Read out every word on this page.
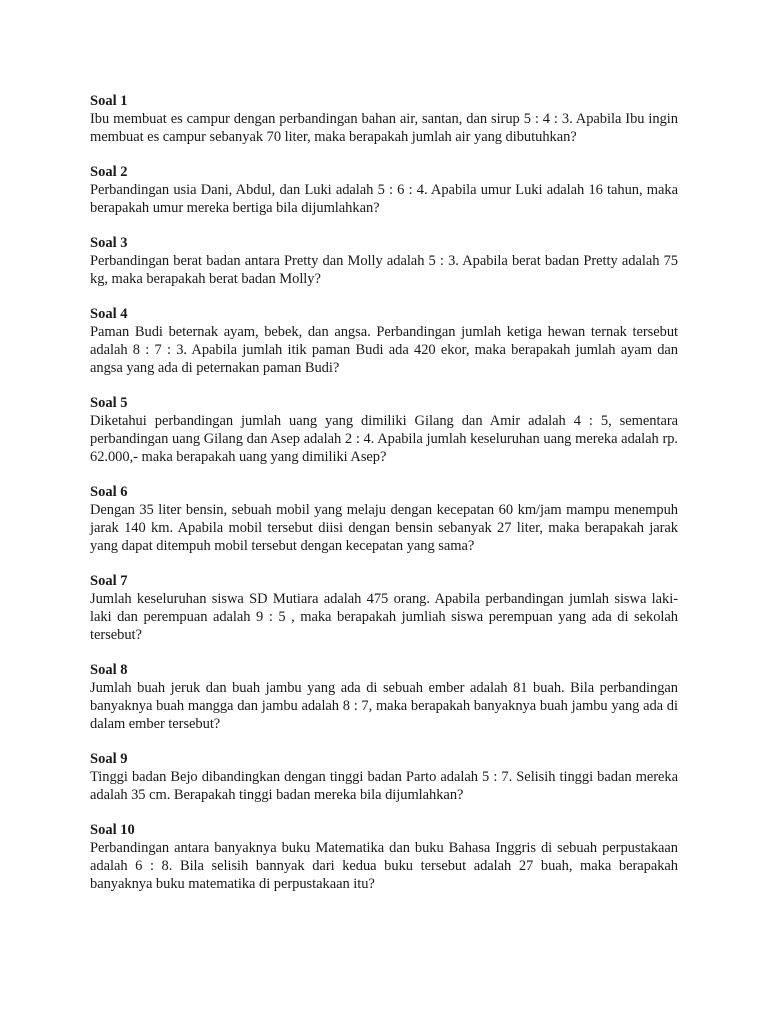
Soal 1
Ibu membuat es campur dengan perbandingan bahan air, santan, dan sirup 5 : 4 : 3. Apabila Ibu ingin membuat es campur sebanyak 70 liter, maka berapakah jumlah air yang dibutuhkan?
Soal 2
Perbandingan usia Dani, Abdul, dan Luki adalah 5 : 6 : 4. Apabila umur Luki adalah 16 tahun, maka berapakah umur mereka bertiga bila dijumlahkan?
Soal 3
Perbandingan berat badan antara Pretty dan Molly adalah 5 : 3. Apabila berat badan Pretty adalah 75 kg, maka berapakah berat badan Molly?
Soal 4
Paman Budi beternak ayam, bebek, dan angsa. Perbandingan jumlah ketiga hewan ternak tersebut adalah 8 : 7 : 3. Apabila jumlah itik paman Budi ada 420 ekor, maka berapakah jumlah ayam dan angsa yang ada di peternakan paman Budi?
Soal 5
Diketahui perbandingan jumlah uang yang dimiliki Gilang dan Amir adalah 4 : 5, sementara perbandingan uang Gilang dan Asep adalah 2 : 4. Apabila jumlah keseluruhan uang mereka adalah rp. 62.000,- maka berapakah uang yang dimiliki Asep?
Soal 6
Dengan 35 liter bensin, sebuah mobil yang melaju dengan kecepatan 60 km/jam mampu menempuh jarak 140 km. Apabila mobil tersebut diisi dengan bensin sebanyak 27 liter, maka berapakah jarak yang dapat ditempuh mobil tersebut dengan kecepatan yang sama?
Soal 7
Jumlah keseluruhan siswa SD Mutiara adalah 475 orang. Apabila perbandingan jumlah siswa laki-laki dan perempuan adalah 9 : 5 , maka berapakah jumliah siswa perempuan yang ada di sekolah tersebut?
Soal 8
Jumlah buah jeruk dan buah jambu yang ada di sebuah ember adalah 81 buah. Bila perbandingan banyaknya buah mangga dan jambu adalah 8 : 7, maka berapakah banyaknya buah jambu yang ada di dalam ember tersebut?
Soal 9
Tinggi badan Bejo dibandingkan dengan tinggi badan Parto adalah 5 : 7. Selisih tinggi badan mereka adalah 35 cm. Berapakah tinggi badan mereka bila dijumlahkan?
Soal 10
Perbandingan antara banyaknya buku Matematika dan buku Bahasa Inggris di sebuah perpustakaan adalah 6 : 8. Bila selisih bannyak dari kedua buku tersebut adalah 27 buah, maka berapakah banyaknya buku matematika di perpustakaan itu?
